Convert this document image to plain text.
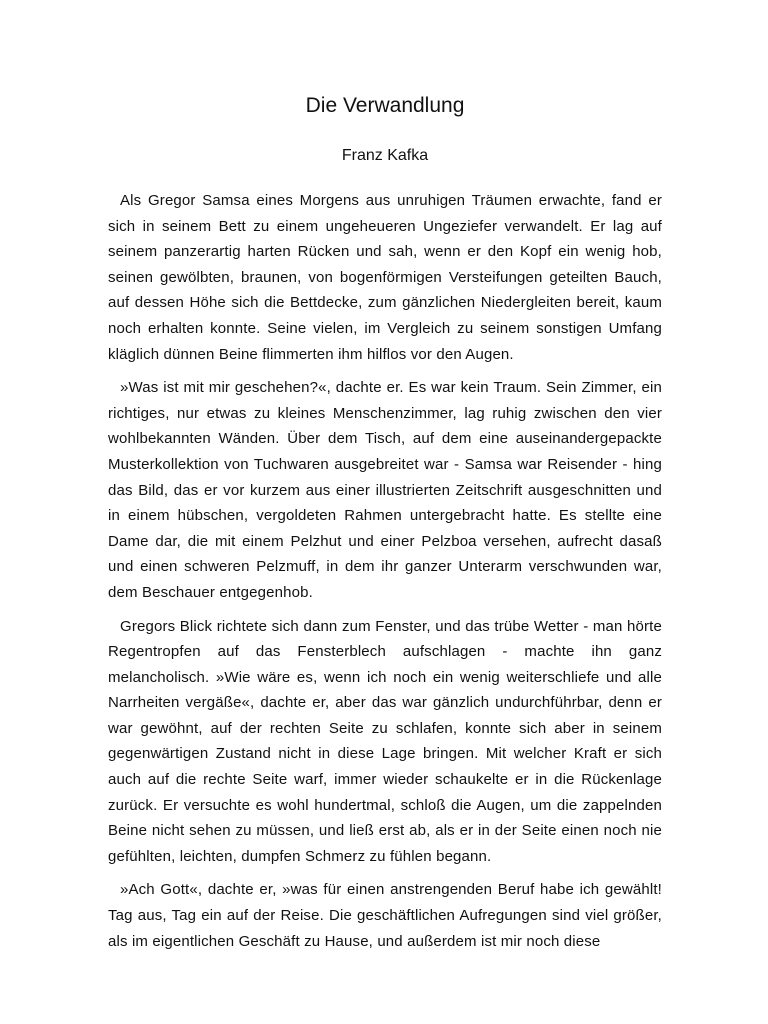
Die Verwandlung
Franz Kafka

Als Gregor Samsa eines Morgens aus unruhigen Träumen erwachte, fand er sich in seinem Bett zu einem ungeheueren Ungeziefer verwandelt. Er lag auf seinem panzerartig harten Rücken und sah, wenn er den Kopf ein wenig hob, seinen gewölbten, braunen, von bogenförmigen Versteifungen geteilten Bauch, auf dessen Höhe sich die Bettdecke, zum gänzlichen Niedergleiten bereit, kaum noch erhalten konnte. Seine vielen, im Vergleich zu seinem sonstigen Umfang kläglich dünnen Beine flimmerten ihm hilflos vor den Augen.

»Was ist mit mir geschehen?«, dachte er. Es war kein Traum. Sein Zimmer, ein richtiges, nur etwas zu kleines Menschenzimmer, lag ruhig zwischen den vier wohlbekannten Wänden. Über dem Tisch, auf dem eine auseinandergepackte Musterkollektion von Tuchwaren ausgebreitet war - Samsa war Reisender - hing das Bild, das er vor kurzem aus einer illustrierten Zeitschrift ausgeschnitten und in einem hübschen, vergoldeten Rahmen untergebracht hatte. Es stellte eine Dame dar, die mit einem Pelzhut und einer Pelzboa versehen, aufrecht dasaß und einen schweren Pelzmuff, in dem ihr ganzer Unterarm verschwunden war, dem Beschauer entgegenhob.

Gregors Blick richtete sich dann zum Fenster, und das trübe Wetter - man hörte Regentropfen auf das Fensterblech aufschlagen - machte ihn ganz melancholisch. »Wie wäre es, wenn ich noch ein wenig weiterschliefe und alle Narrheiten vergäße«, dachte er, aber das war gänzlich undurchführbar, denn er war gewöhnt, auf der rechten Seite zu schlafen, konnte sich aber in seinem gegenwärtigen Zustand nicht in diese Lage bringen. Mit welcher Kraft er sich auch auf die rechte Seite warf, immer wieder schaukelte er in die Rückenlage zurück. Er versuchte es wohl hundertmal, schloß die Augen, um die zappelnden Beine nicht sehen zu müssen, und ließ erst ab, als er in der Seite einen noch nie gefühlten, leichten, dumpfen Schmerz zu fühlen begann.

»Ach Gott«, dachte er, »was für einen anstrengenden Beruf habe ich gewählt! Tag aus, Tag ein auf der Reise. Die geschäftlichen Aufregungen sind viel größer, als im eigentlichen Geschäft zu Hause, und außerdem ist mir noch diese
